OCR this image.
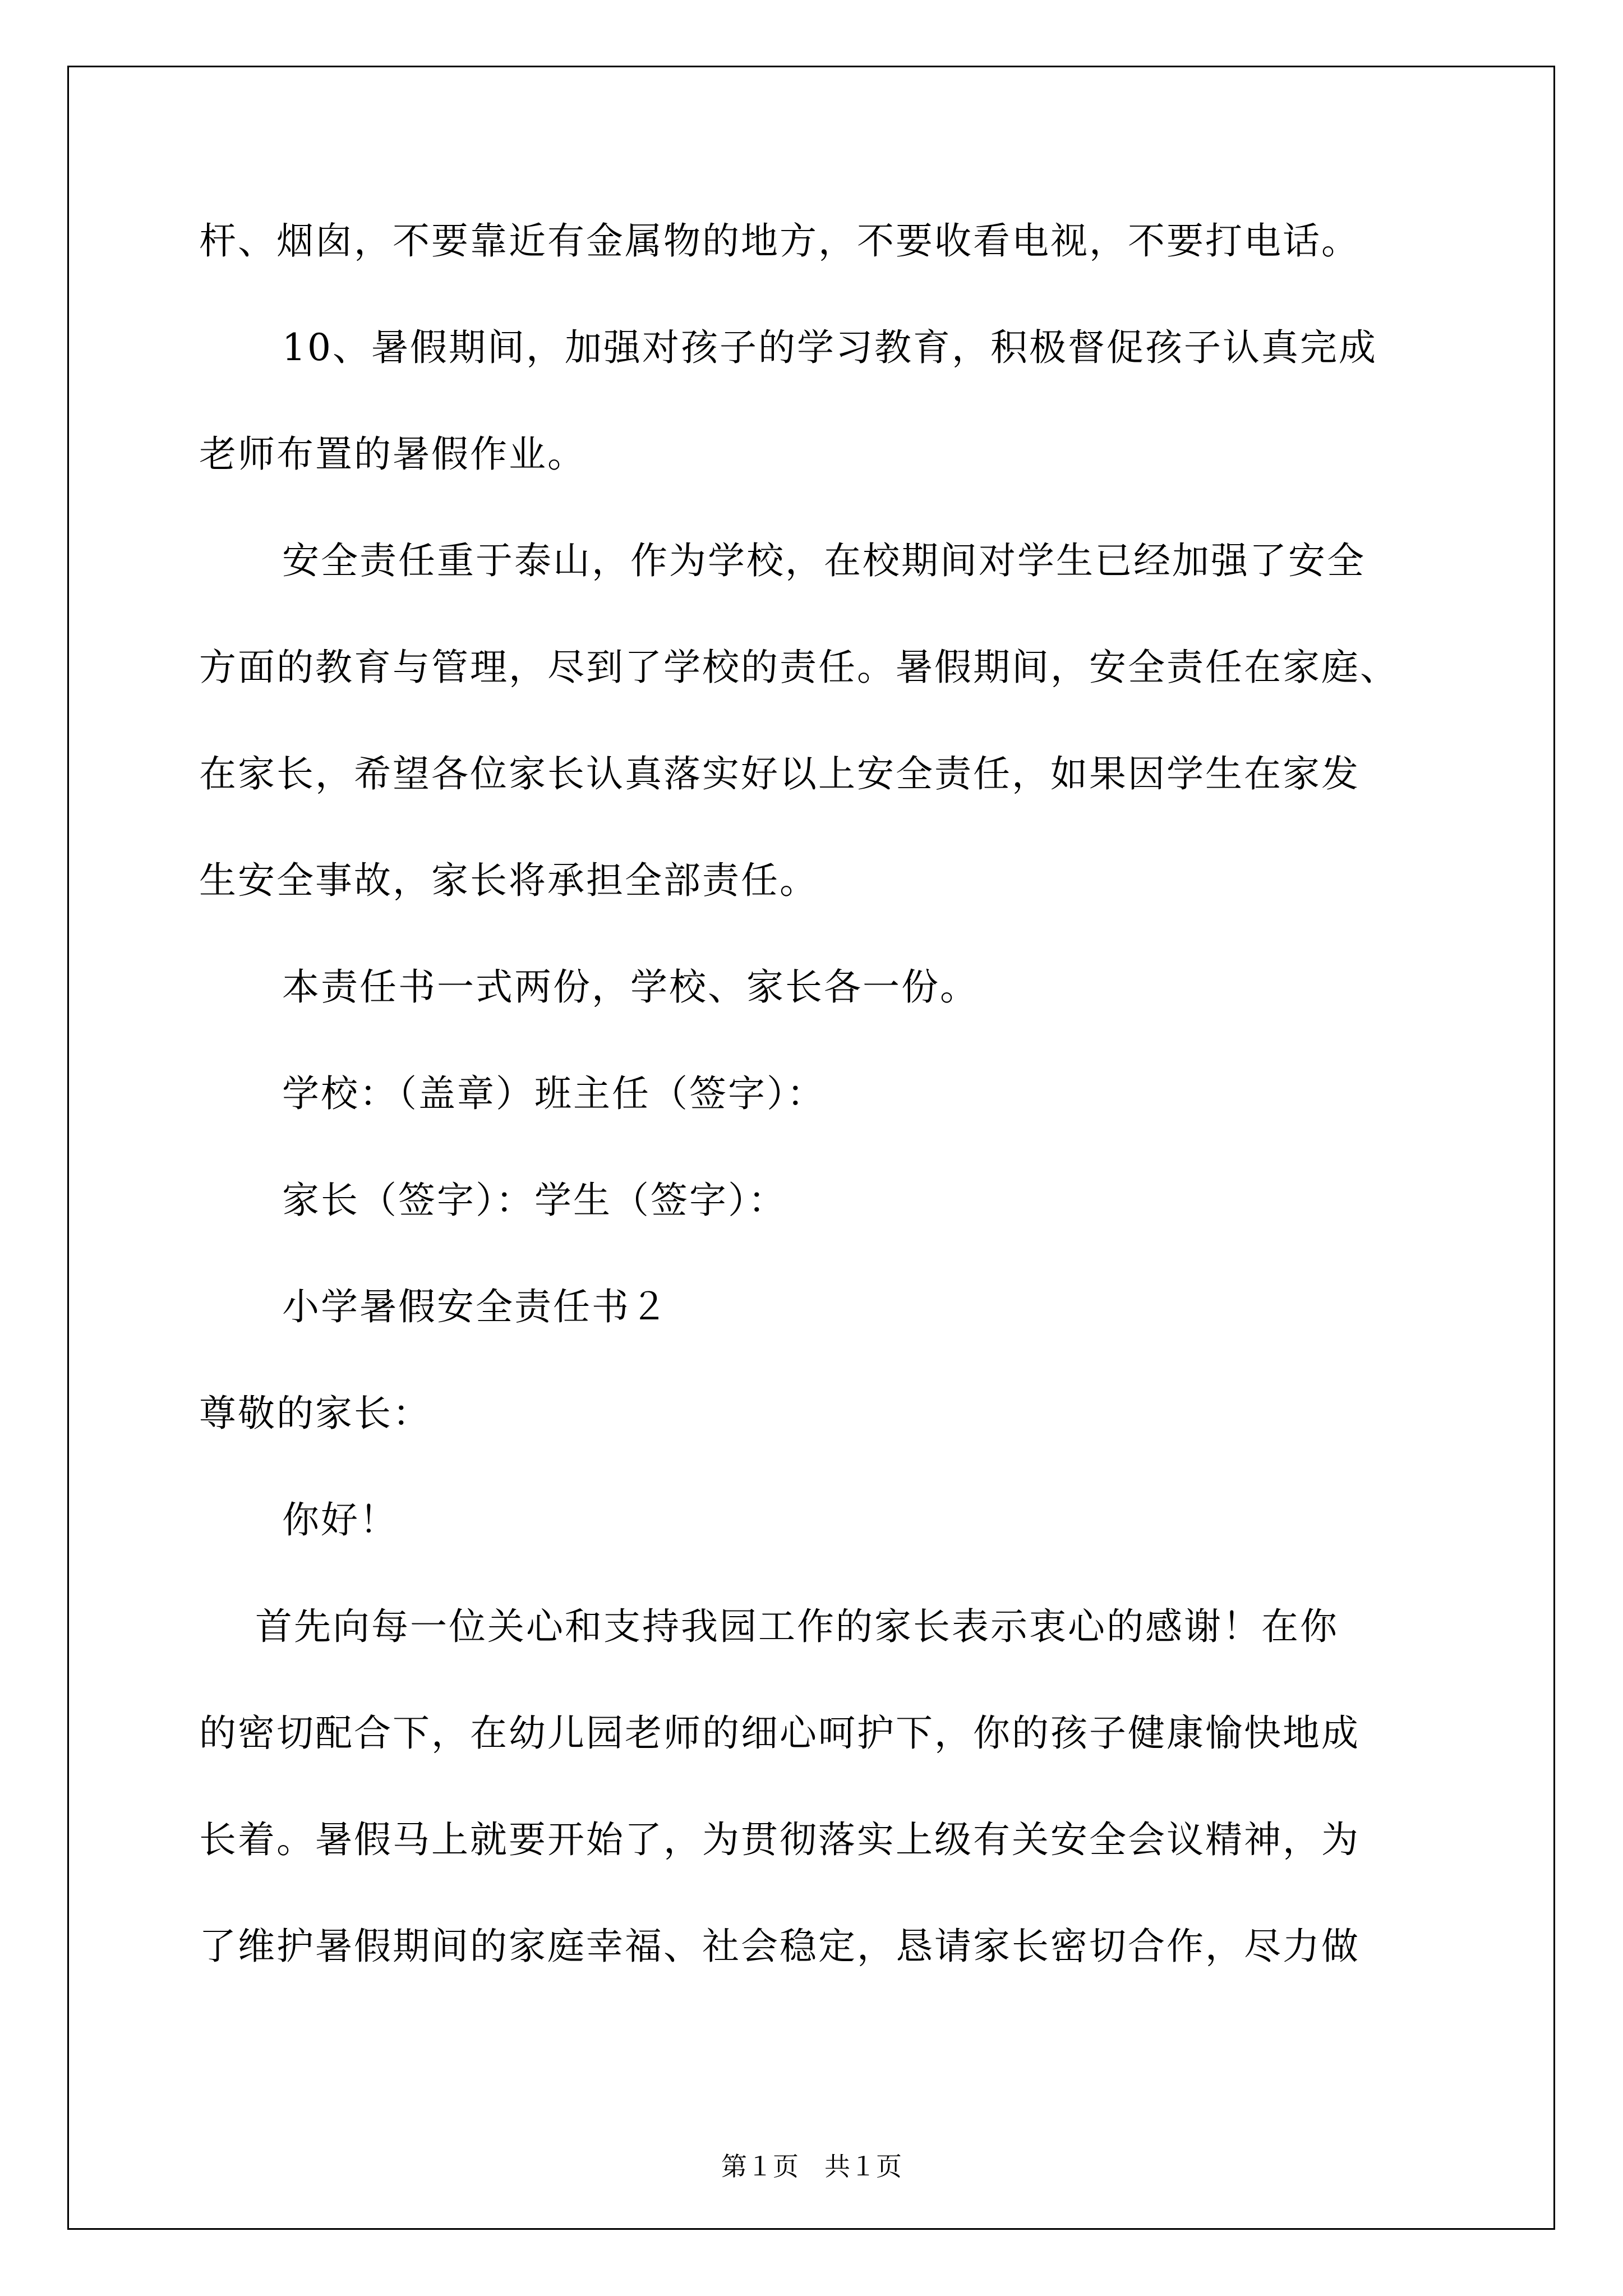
杆、烟囱，不要靠近有金属物的地方，不要收看电视，不要打电话。
10、暑假期间，加强对孩子的学习教育，积极督促孩子认真完成
老师布置的暑假作业。
安全责任重于泰山，作为学校，在校期间对学生已经加强了安全
方面的教育与管理，尽到了学校的责任。暑假期间，安全责任在家庭、
在家长，希望各位家长认真落实好以上安全责任，如果因学生在家发
生安全事故，家长将承担全部责任。
本责任书一式两份，学校、家长各一份。
学校：（盖章）班主任（签字）：
家长（签字）：学生（签字）：
小学暑假安全责任书２
尊敬的家长：
你好！
首先向每一位关心和支持我园工作的家长表示衷心的感谢！在你
的密切配合下，在幼儿园老师的细心呵护下，你的孩子健康愉快地成
长着。暑假马上就要开始了，为贯彻落实上级有关安全会议精神，为
了维护暑假期间的家庭幸福、社会稳定，恳请家长密切合作，尽力做
第１页　共１页
